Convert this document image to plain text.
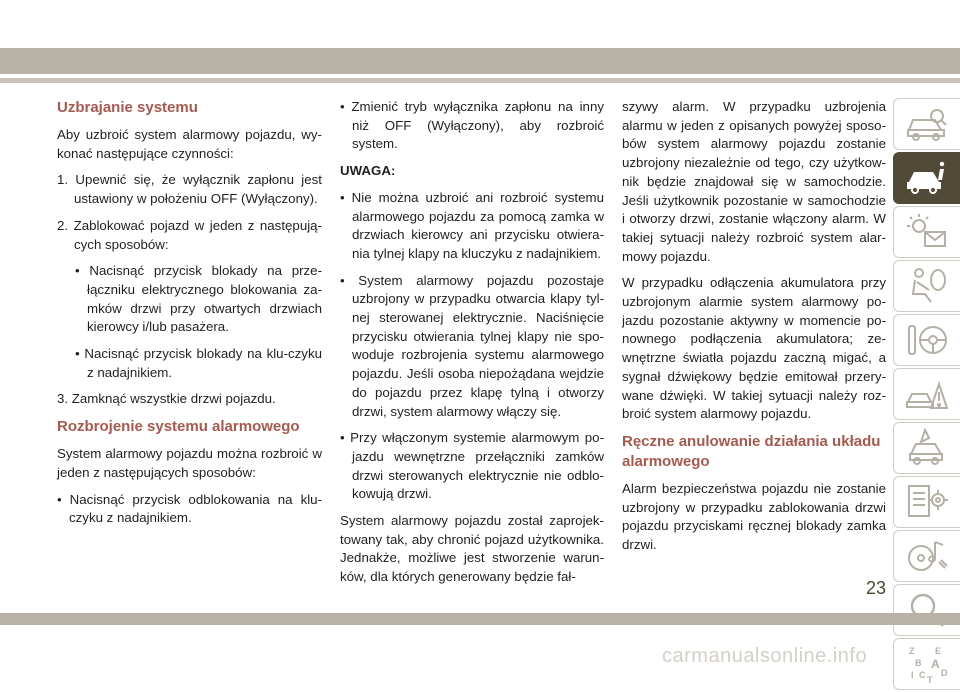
Uzbrajanie systemu

Aby uzbroić system alarmowy pojazdu, wy-konać następujące czynności:

1. Upewnić się, że wyłącznik zapłonu jest ustawiony w położeniu OFF (Wyłączony).
2. Zablokować pojazd w jeden z następują-cych sposobów:
• Nacisnąć przycisk blokady na prze-łączniku elektrycznego blokowania za-mków drzwi przy otwartych drzwiach kierowcy i/lub pasażera.
• Nacisnąć przycisk blokady na klu-czyku z nadajnikiem.
3. Zamknąć wszystkie drzwi pojazdu.
Rozbrojenie systemu alarmowego

System alarmowy pojazdu można rozbroić w jeden z następujących sposobów:

• Nacisnąć przycisk odblokowania na klu-czyku z nadajnikiem.
• Zmienić tryb wyłącznika zapłonu na inny niż OFF (Wyłączony), aby rozbroić system.
UWAGA:
• Nie można uzbroić ani rozbroić systemu alarmowego pojazdu za pomocą zamka w drzwiach kierowcy ani przycisku otwiera-nia tylnej klapy na kluczyku z nadajnikiem.
• System alarmowy pojazdu pozostaje uzbrojony w przypadku otwarcia klapy tyl-nej sterowanej elektrycznie. Naciśnięcie przycisku otwierania tylnej klapy nie spo-woduje rozbrojenia systemu alarmowego pojazdu. Jeśli osoba niepożądana wejdzie do pojazdu przez klapę tylną i otworzy drzwi, system alarmowy włączy się.
• Przy włączonym systemie alarmowym po-jazdu wewnętrzne przełączniki zamków drzwi sterowanych elektrycznie nie odblo-kowują drzwi.

System alarmowy pojazdu został zaprojek-towany tak, aby chronić pojazd użytkownika. Jednakże, możliwe jest stworzenie warun-ków, dla których generowany będzie fał-

szywy alarm. W przypadku uzbrojenia alarmu w jeden z opisanych powyżej sposo-bów system alarmowy pojazdu zostanie uzbrojony niezależnie od tego, czy użytkow-nik będzie znajdował się w samochodzie. Jeśli użytkownik pozostanie w samochodzie i otworzy drzwi, zostanie włączony alarm. W takiej sytuacji należy rozbroić system alar-mowy pojazdu.

W przypadku odłączenia akumulatora przy uzbrojonym alarmie system alarmowy po-jazdu pozostanie aktywny w momencie po-nownego podłączenia akumulatora; ze-wnętrzne światła pojazdu zaczną migać, a sygnał dźwiękowy będzie emitował przery-wane dźwięki. W takiej sytuacji należy roz-broić system alarmowy pojazdu.

Ręczne anulowanie działania układu alarmowego

Alarm bezpieczeństwa pojazdu nie zostanie uzbrojony w przypadku zablokowania drzwi pojazdu przyciskami ręcznej blokady zamka drzwi.

Z E
B A
I C D
T
23
carmanualsonline.info
